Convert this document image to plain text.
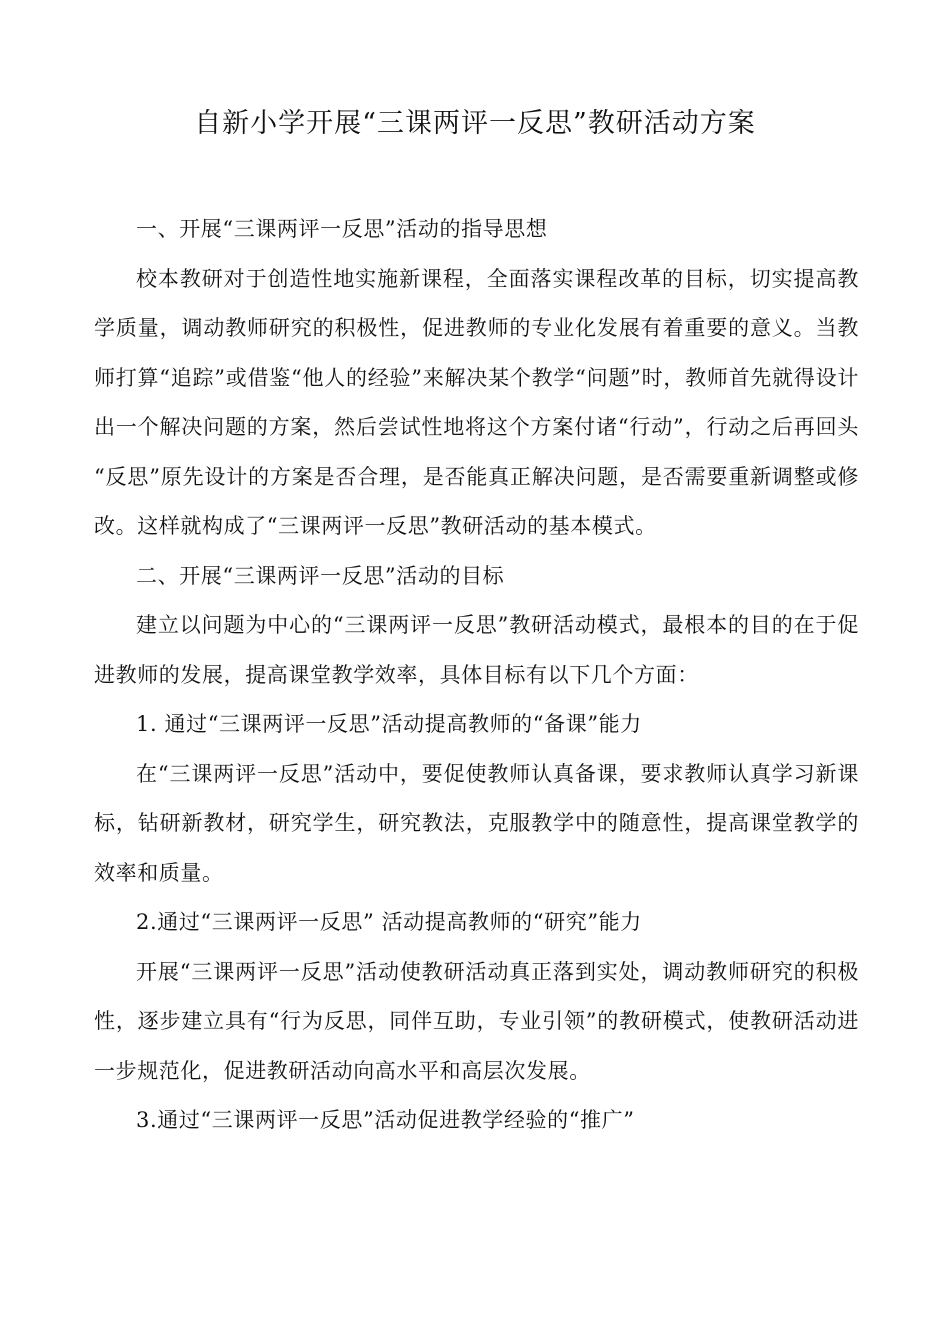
自新小学开展“三课两评一反思”教研活动方案

一、开展“三课两评一反思”活动的指导思想

校本教研对于创造性地实施新课程，全面落实课程改革的目标，切实提高教学质量，调动教师研究的积极性，促进教师的专业化发展有着重要的意义。当教师打算“追踪”或借鉴“他人的经验”来解决某个教学“问题”时，教师首先就得设计出一个解决问题的方案，然后尝试性地将这个方案付诸“行动”，行动之后再回头 “反思”原先设计的方案是否合理，是否能真正解决问题，是否需要重新调整或修改。这样就构成了“三课两评一反思”教研活动的基本模式。

二、开展“三课两评一反思”活动的目标

建立以问题为中心的“三课两评一反思”教研活动模式，最根本的目的在于促进教师的发展，提高课堂教学效率，具体目标有以下几个方面：

1. 通过“三课两评一反思”活动提高教师的“备课”能力

在“三课两评一反思”活动中，要促使教师认真备课，要求教师认真学习新课标，钻研新教材，研究学生，研究教法，克服教学中的随意性，提高课堂教学的效率和质量。

2.通过“三课两评一反思” 活动提高教师的“研究”能力

开展“三课两评一反思”活动使教研活动真正落到实处，调动教师研究的积极性，逐步建立具有“行为反思，同伴互助，专业引领”的教研模式，使教研活动进一步规范化，促进教研活动向高水平和高层次发展。

3.通过“三课两评一反思”活动促进教学经验的“推广”
